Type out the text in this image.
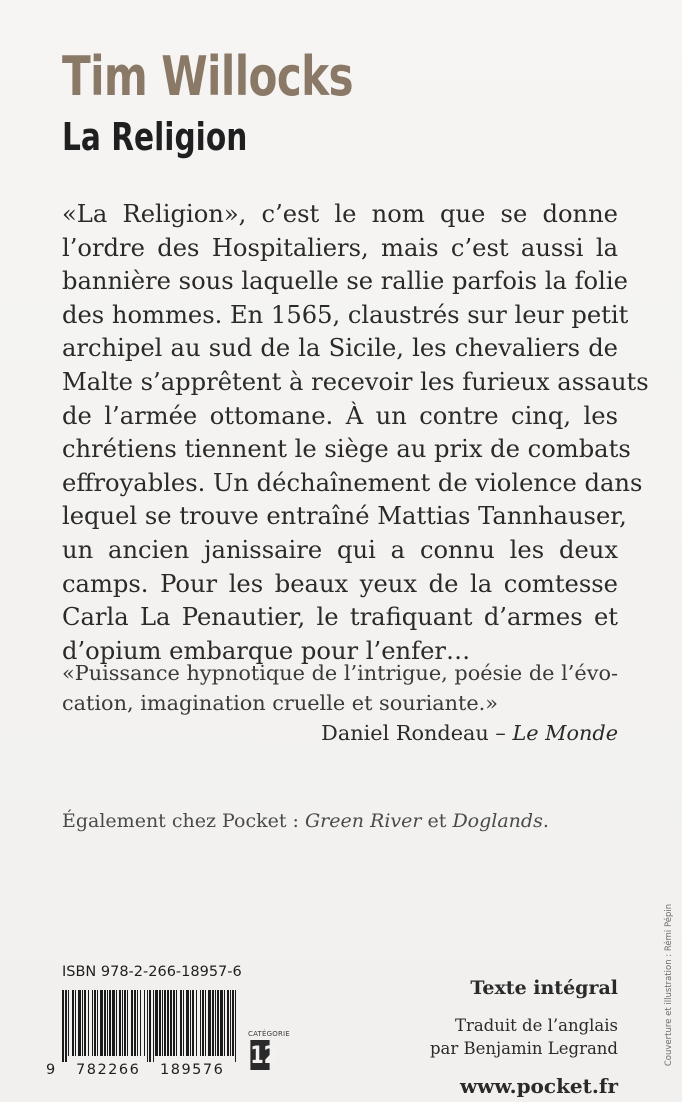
Tim Willocks
La Religion
«La Religion», c’est le nom que se donne
l’ordre des Hospitaliers, mais c’est aussi la
bannière sous laquelle se rallie parfois la folie
des hommes. En 1565, claustrés sur leur petit
archipel au sud de la Sicile, les chevaliers de
Malte s’apprêtent à recevoir les furieux assauts
de l’armée ottomane. À un contre cinq, les
chrétiens tiennent le siège au prix de combats
effroyables. Un déchaînement de violence dans
lequel se trouve entraîné Mattias Tannhauser,
un ancien janissaire qui a connu les deux
camps. Pour les beaux yeux de la comtesse
Carla La Penautier, le trafiquant d’armes et
d’opium embarque pour l’enfer…
«Puissance hypnotique de l’intrigue, poésie de l’évo-
cation, imagination cruelle et souriante.»
Daniel Rondeau – Le Monde
Également chez Pocket : Green River et Doglands.
Couverture et illustration : Rémi Pépin
ISBN 978-2-266-18957-6
9 782266 189576
CATÉGORIE
12
Texte intégral
Traduit de l’anglais
par Benjamin Legrand
www.pocket.fr
